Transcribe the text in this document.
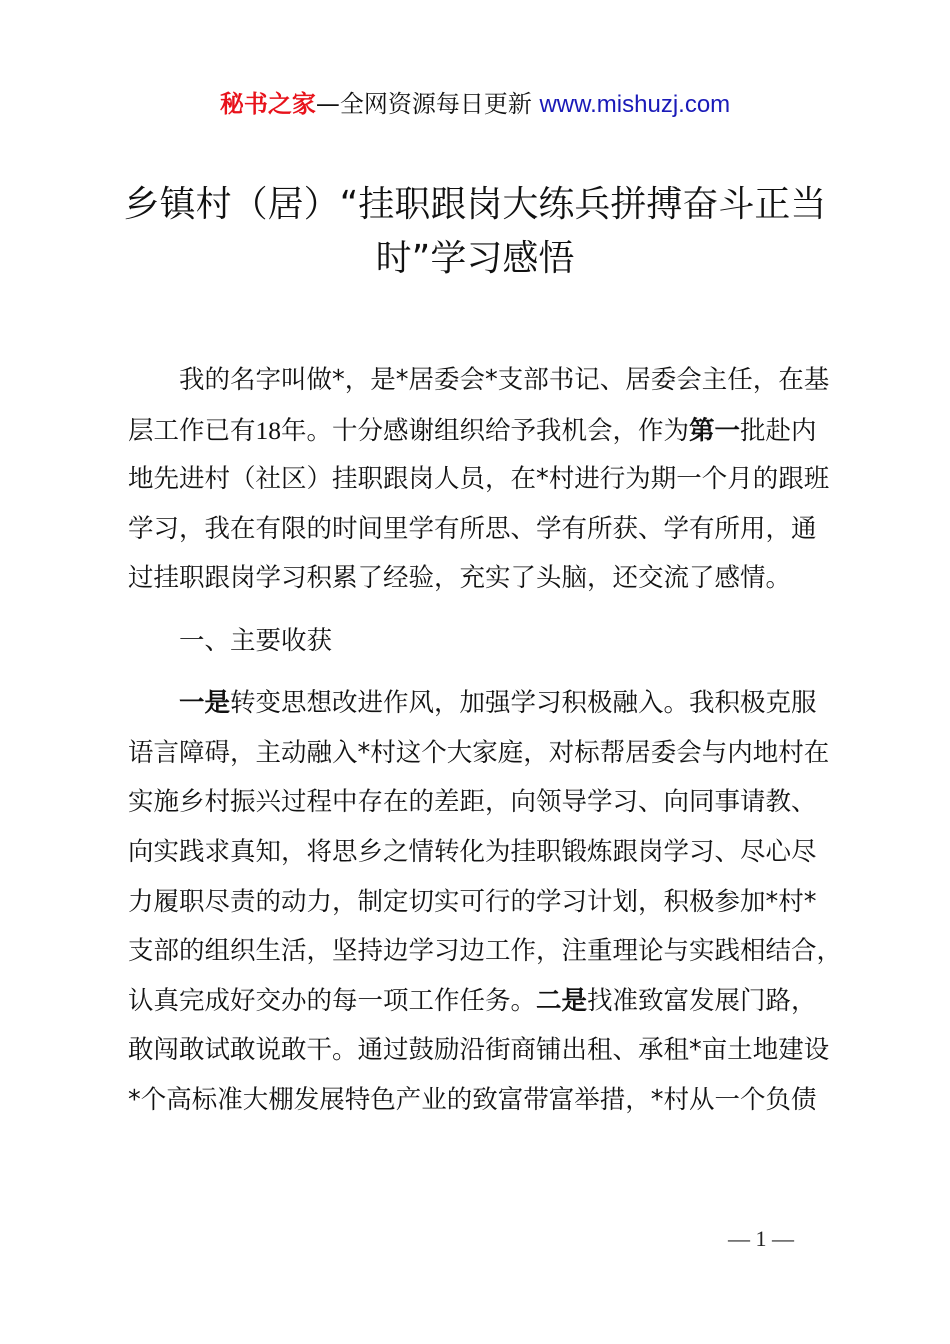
秘书之家—全网资源每日更新 www.mishuzj.com
乡镇村（居）“挂职跟岗大练兵拼搏奋斗正当
时”学习感悟
我的名字叫做*，是*居委会*支部书记、居委会主任，在基
层工作已有18年。十分感谢组织给予我机会，作为第一批赴内
地先进村（社区）挂职跟岗人员，在*村进行为期一个月的跟班
学习，我在有限的时间里学有所思、学有所获、学有所用，通
过挂职跟岗学习积累了经验，充实了头脑，还交流了感情。
一、主要收获
一是转变思想改进作风，加强学习积极融入。我积极克服
语言障碍，主动融入*村这个大家庭，对标帮居委会与内地村在
实施乡村振兴过程中存在的差距，向领导学习、向同事请教、
向实践求真知，将思乡之情转化为挂职锻炼跟岗学习、尽心尽
力履职尽责的动力，制定切实可行的学习计划，积极参加*村*
支部的组织生活，坚持边学习边工作，注重理论与实践相结合，
认真完成好交办的每一项工作任务。二是找准致富发展门路，
敢闯敢试敢说敢干。通过鼓励沿街商铺出租、承租*亩土地建设
*个高标准大棚发展特色产业的致富带富举措，*村从一个负债
— 1 —
